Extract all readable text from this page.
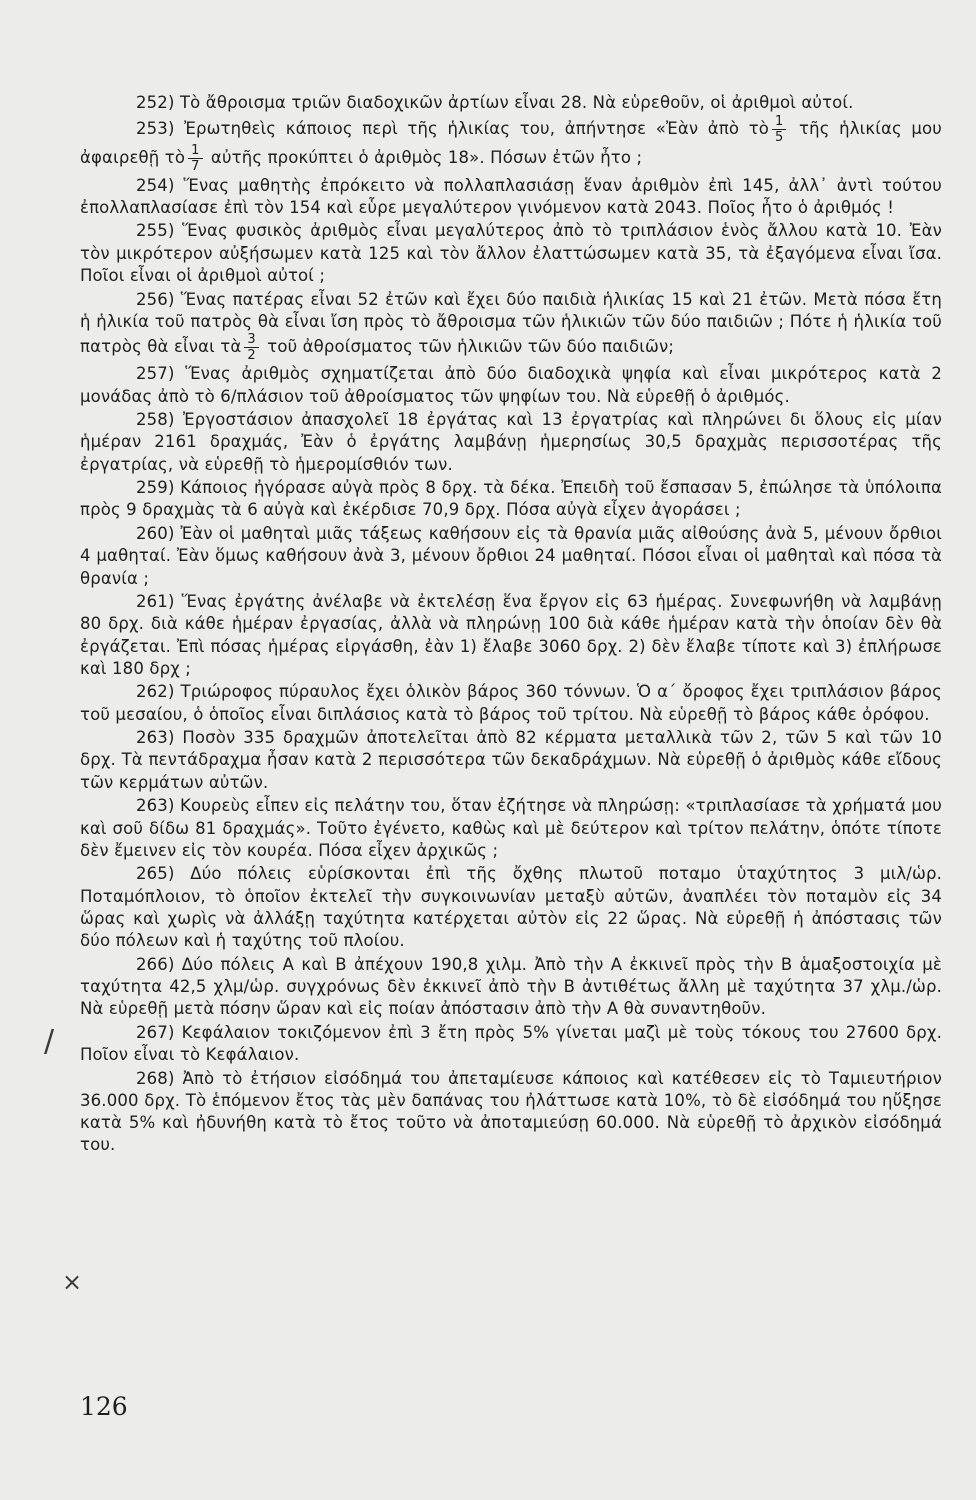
252) Τὸ ἄθροισμα τριῶν διαδοχικῶν ἀρτίων εἶναι 28. Νὰ εὑρεθοῦν, οἱ ἀριθμοὶ αὐτοί.

253) Ἐρωτηθεὶς κάποιος περὶ τῆς ἡλικίας του, ἀπήντησε «Ἐὰν ἀπὸ τὸ $\frac{1}{5}$ τῆς ἡλικίας μου ἀφαιρεθῇ τὸ $\frac{1}{7}$ αὐτῆς προκύπτει ὁ ἀριθμὸς 18». Πόσων ἐτῶν ἦτο ;

254) Ἕνας μαθητὴς ἐπρόκειτο νὰ πολλαπλασιάσῃ ἕναν ἀριθμὸν ἐπὶ 145, ἀλλ᾽ ἀντὶ τούτου ἐπολλαπλασίασε ἐπὶ τὸν 154 καὶ εὗρε μεγαλύτερον γινόμενον κατὰ 2043. Ποῖος ἦτο ὁ ἀριθμός !

255) Ἕνας φυσικὸς ἀριθμὸς εἶναι μεγαλύτερος ἀπὸ τὸ τριπλάσιον ἑνὸς ἄλλου κατὰ 10. Ἐὰν τὸν μικρότερον αὐξήσωμεν κατὰ 125 καὶ τὸν ἄλλον ἐλαττώσωμεν κατὰ 35, τὰ ἐξαγόμενα εἶναι ἴσα. Ποῖοι εἶναι οἱ ἀριθμοὶ αὐτοί ;

256) Ἕνας πατέρας εἶναι 52 ἐτῶν καὶ ἔχει δύο παιδιὰ ἡλικίας 15 καὶ 21 ἐτῶν. Μετὰ πόσα ἔτη ἡ ἡλικία τοῦ πατρὸς θὰ εἶναι ἴση πρὸς τὸ ἄθροισμα τῶν ἡλικιῶν τῶν δύο παιδιῶν ; Πότε ἡ ἡλικία τοῦ πατρὸς θὰ εἶναι τὰ $\frac{3}{2}$ τοῦ ἀθροίσματος τῶν ἡλικιῶν τῶν δύο παιδιῶν;

257) Ἕνας ἀριθμὸς σχηματίζεται ἀπὸ δύο διαδοχικὰ ψηφία καὶ εἶναι μικρότερος κατὰ 2 μονάδας ἀπὸ τὸ 6/πλάσιον τοῦ ἀθροίσματος τῶν ψηφίων του. Νὰ εὑρεθῇ ὁ ἀριθμός.

258) Ἐργοστάσιον ἀπασχολεῖ 18 ἐργάτας καὶ 13 ἐργατρίας καὶ πληρώνει δι ὅλους εἰς μίαν ἡμέραν 2161 δραχμάς, Ἐὰν ὁ ἐργάτης λαμβάνῃ ἡμερησίως 30,5 δραχμὰς περισσοτέρας τῆς ἐργατρίας, νὰ εὑρεθῇ τὸ ἡμερομίσθιόν των.

259) Κάποιος ἠγόρασε αὐγὰ πρὸς 8 δρχ. τὰ δέκα. Ἐπειδὴ τοῦ ἔσπασαν 5, ἐπώλησε τὰ ὑπόλοιπα πρὸς 9 δραχμὰς τὰ 6 αὐγὰ καὶ ἐκέρδισε 70,9 δρχ. Πόσα αὐγὰ εἶχεν ἀγοράσει ;

260) Ἐὰν οἱ μαθηταὶ μιᾶς τάξεως καθήσουν εἰς τὰ θρανία μιᾶς αἰθούσης ἀνὰ 5, μένουν ὄρθιοι 4 μαθηταί. Ἐὰν ὅμως καθήσουν ἀνὰ 3, μένουν ὄρθιοι 24 μαθηταί. Πόσοι εἶναι οἱ μαθηταὶ καὶ πόσα τὰ θρανία ;

261) Ἕνας ἐργάτης ἀνέλαβε νὰ ἐκτελέσῃ ἕνα ἔργον εἰς 63 ἡμέρας. Συνεφωνήθη νὰ λαμβάνῃ 80 δρχ. διὰ κάθε ἡμέραν ἐργασίας, ἀλλὰ νὰ πληρώνῃ 100 διὰ κάθε ἡμέραν κατὰ τὴν ὁποίαν δὲν θὰ ἐργάζεται. Ἐπὶ πόσας ἡμέρας εἰργάσθη, ἐὰν 1) ἔλαβε 3060 δρχ. 2) δὲν ἔλαβε τίποτε καὶ 3) ἐπλήρωσε καὶ 180 δρχ ;

262) Τριώροφος πύραυλος ἔχει ὁλικὸν βάρος 360 τόννων. Ὁ α´ ὄροφος ἔχει τριπλάσιον βάρος τοῦ μεσαίου, ὁ ὁποῖος εἶναι διπλάσιος κατὰ τὸ βάρος τοῦ τρίτου. Νὰ εὑρεθῇ τὸ βάρος κάθε ὀρόφου.

263) Ποσὸν 335 δραχμῶν ἀποτελεῖται ἀπὸ 82 κέρματα μεταλλικὰ τῶν 2, τῶν 5 καὶ τῶν 10 δρχ. Τὰ πεντάδραχμα ἦσαν κατὰ 2 περισσότερα τῶν δεκαδράχμων. Νὰ εὑρεθῇ ὁ ἀριθμὸς κάθε εἴδους τῶν κερμάτων αὐτῶν.

263) Κουρεὺς εἶπεν εἰς πελάτην του, ὅταν ἐζήτησε νὰ πληρώσῃ: «τριπλασίασε τὰ χρήματά μου καὶ σοῦ δίδω 81 δραχμάς». Τοῦτο ἐγένετο, καθὼς καὶ μὲ δεύτερον καὶ τρίτον πελάτην, ὁπότε τίποτε δὲν ἔμεινεν εἰς τὸν κουρέα. Πόσα εἶχεν ἀρχικῶς ;

265) Δύο πόλεις εὑρίσκονται ἐπὶ τῆς ὄχθης πλωτοῦ ποταμο ὑταχύτητος 3 μιλ/ὡρ. Ποταμόπλοιον, τὸ ὁποῖον ἐκτελεῖ τὴν συγκοινωνίαν μεταξὺ αὐτῶν, ἀναπλέει τὸν ποταμὸν εἰς 34 ὥρας καὶ χωρὶς νὰ ἀλλάξῃ ταχύτητα κατέρχεται αὐτὸν εἰς 22 ὥρας. Νὰ εὑρεθῇ ἡ ἀπόστασις τῶν δύο πόλεων καὶ ἡ ταχύτης τοῦ πλοίου.

266) Δύο πόλεις Α καὶ Β ἀπέχουν 190,8 χιλμ. Ἀπὸ τὴν Α ἐκκινεῖ πρὸς τὴν Β ἁμαξοστοιχία μὲ ταχύτητα 42,5 χλμ/ὡρ. συγχρόνως δὲν ἐκκινεῖ ἀπὸ τὴν Β ἀντιθέτως ἄλλη μὲ ταχύτητα 37 χλμ./ὡρ. Νὰ εὑρεθῇ μετὰ πόσην ὥραν καὶ εἰς ποίαν ἀπόστασιν ἀπὸ τὴν Α θὰ συναντηθοῦν.

267) Κεφάλαιον τοκιζόμενον ἐπὶ 3 ἔτη πρὸς 5% γίνεται μαζὶ μὲ τοὺς τόκους του 27600 δρχ. Ποῖον εἶναι τὸ Κεφάλαιον.

268) Ἀπὸ τὸ ἐτήσιον εἰσόδημά του ἀπεταμίευσε κάποιος καὶ κατέθεσεν εἰς τὸ Ταμιευτήριον 36.000 δρχ. Τὸ ἑπόμενον ἔτος τὰς μὲν δαπάνας του ἠλάττωσε κατὰ 10%, τὸ δὲ εἰσόδημά του ηὔξησε κατὰ 5% καὶ ἠδυνήθη κατὰ τὸ ἔτος τοῦτο νὰ ἀποταμιεύσῃ 60.000. Νὰ εὑρεθῇ τὸ ἀρχικὸν εἰσόδημά του.

/
×
126
